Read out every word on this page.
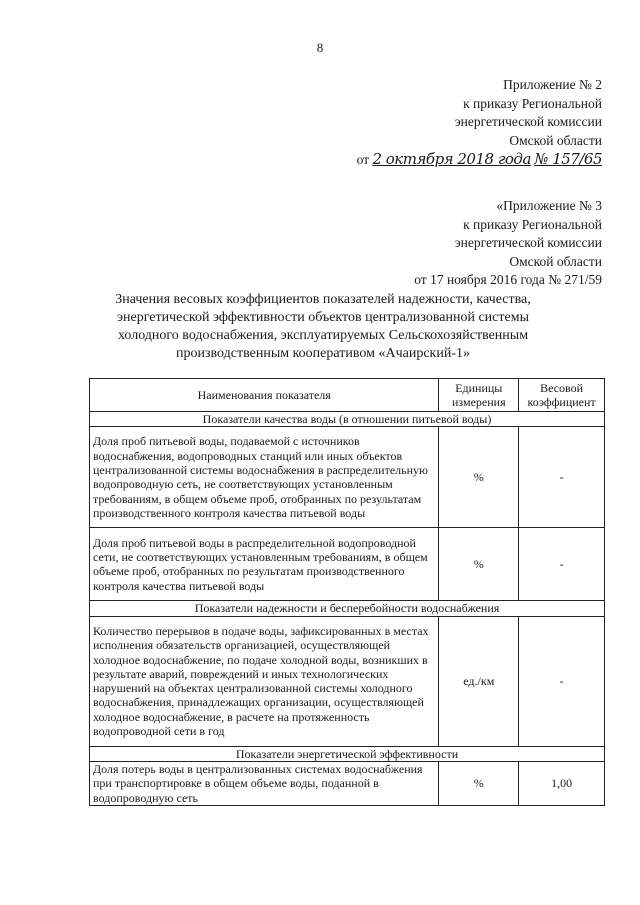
8
Приложение № 2
к приказу Региональной
энергетической комиссии
Омской области
от 2 октября 2018 года № 157/65
«Приложение № 3
к приказу Региональной
энергетической комиссии
Омской области
от 17 ноября 2016 года № 271/59
Значения весовых коэффициентов показателей надежности, качества,
энергетической эффективности объектов централизованной системы
холодного водоснабжения, эксплуатируемых Сельскохозяйственным
производственным кооперативом «Ачаирский-1»
Наименования показателя	Единицы измерения	Весовой коэффициент
Показатели качества воды (в отношении питьевой воды)		
Доля проб питьевой воды, подаваемой с источников водоснабжения, водопроводных станций или иных объектов централизованной системы водоснабжения в распределительную водопроводную сеть, не соответствующих установленным требованиям, в общем объеме проб, отобранных по результатам производственного контроля качества питьевой воды	%	-
Доля проб питьевой воды в распределительной водопроводной сети, не соответствующих установленным требованиям, в общем объеме проб, отобранных по результатам производственного контроля качества питьевой воды	%	-
Показатели надежности и бесперебойности водоснабжения		
Количество перерывов в подаче воды, зафиксированных в местах исполнения обязательств организацией, осуществляющей холодное водоснабжение, по подаче холодной воды, возникших в результате аварий, повреждений и иных технологических нарушений на объектах централизованной системы холодного водоснабжения, принадлежащих организации, осуществляющей холодное водоснабжение, в расчете на протяженность водопроводной сети в год	ед./км	-
Показатели энергетической эффективности		
Доля потерь воды в централизованных системах водоснабжения при транспортировке в общем объеме воды, поданной в водопроводную сеть	%	1,00
